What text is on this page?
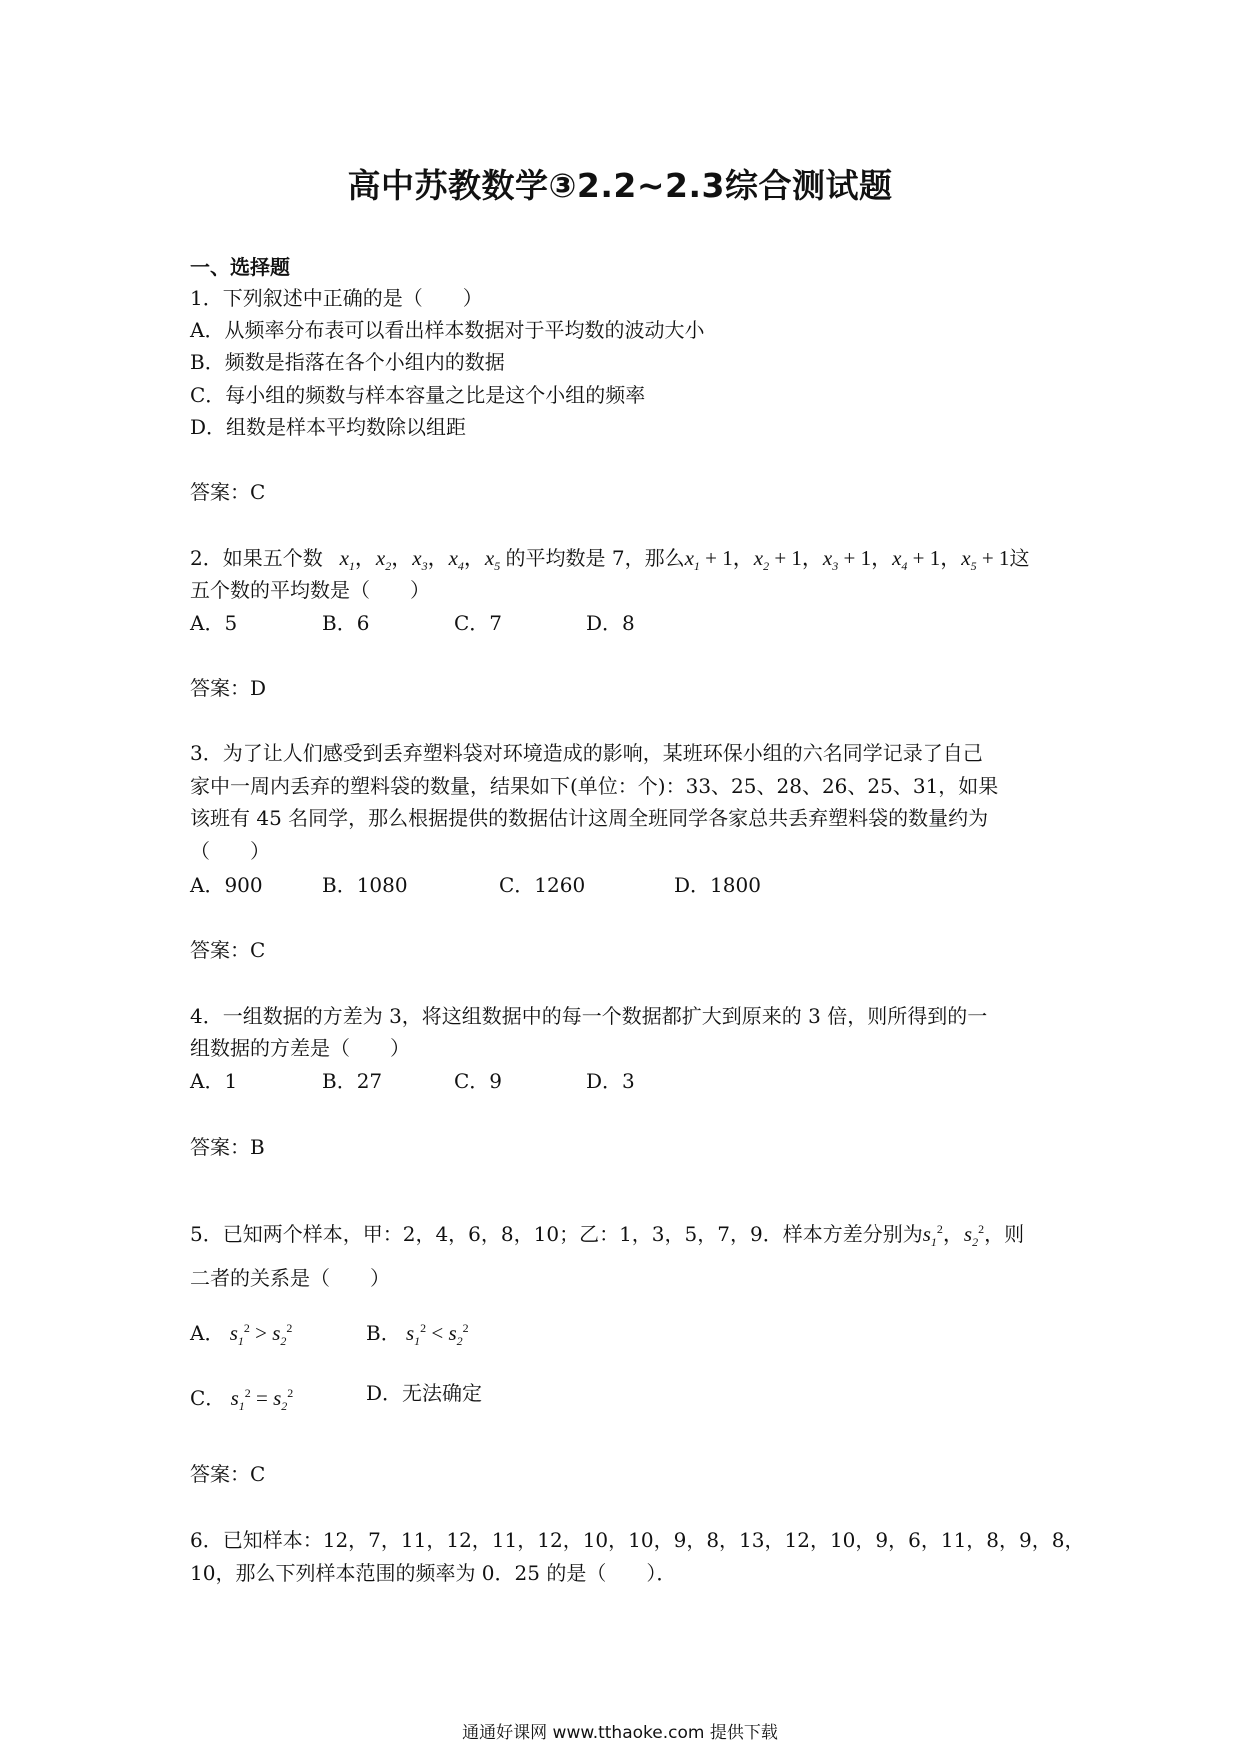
高中苏教数学③2.2~2.3综合测试题
一、选择题
1．下列叙述中正确的是（　　）
A．从频率分布表可以看出样本数据对于平均数的波动大小
B．频数是指落在各个小组内的数据
C．每小组的频数与样本容量之比是这个小组的频率
D．组数是样本平均数除以组距
答案：C
2．如果五个数   $x_1$，$x_2$，$x_3$，$x_4$，$x_5$ 的平均数是 7，那么$x_1 + 1$，$x_2 + 1$，$x_3 + 1$，$x_4 + 1$，$x_5 + 1$这
五个数的平均数是（　　）
A．5	B．6	C．7	D．8
答案：D
3．为了让人们感受到丢弃塑料袋对环境造成的影响，某班环保小组的六名同学记录了自己
家中一周内丢弃的塑料袋的数量，结果如下(单位：个)：33、25、28、26、25、31，如果
该班有 45 名同学，那么根据提供的数据估计这周全班同学各家总共丢弃塑料袋的数量约为
（　　）
A．900	B．1080	C．1260	D．1800
答案：C
4．一组数据的方差为 3，将这组数据中的每一个数据都扩大到原来的 3 倍，则所得到的一
组数据的方差是（　　）
A．1	B．27	C．9	D．3
答案：B
5．已知两个样本，甲：2，4，6，8，10；乙：1，3，5，7，9．样本方差分别为$s_1^2$，$s_2^2$，则
二者的关系是（　　）
A． $s_1^2 > s_2^2$	B． $s_1^2 < s_2^2$
C． $s_1^2 = s_2^2$	D．无法确定
答案：C
6．已知样本：12，7，11，12，11，12，10，10，9，8，13，12，10，9，6，11，8，9，8，
10，那么下列样本范围的频率为 0．25 的是（　　）．
通通好课网 www.tthaoke.com 提供下载
